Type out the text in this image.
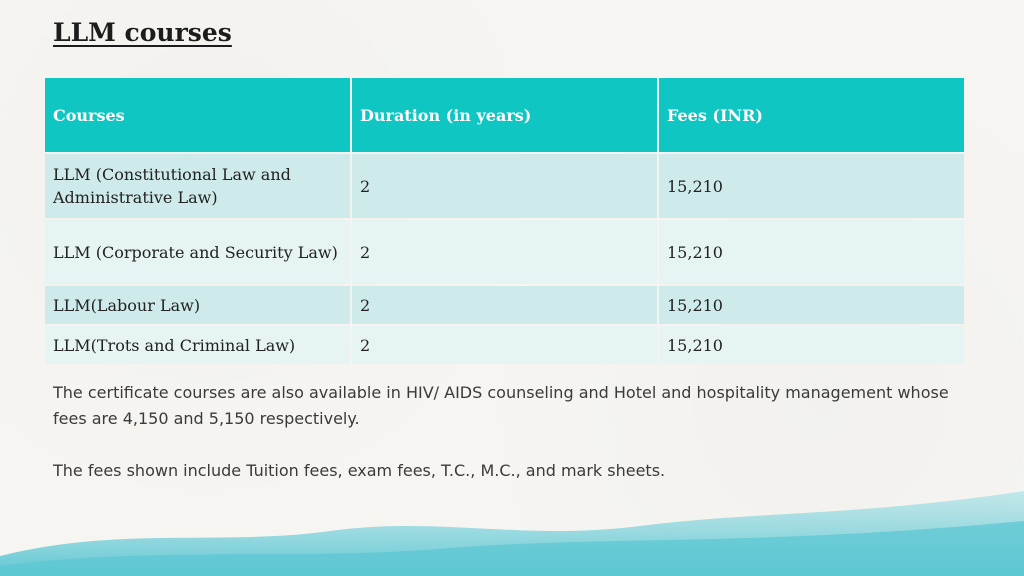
LLM courses
Courses	Duration (in years)	Fees (INR)
LLM (Constitutional Law and Administrative Law)	2	15,210
LLM (Corporate and Security Law)	2	15,210
LLM(Labour Law)	2	15,210
LLM(Trots and Criminal Law)	2	15,210

The certificate courses are also available in HIV/ AIDS counseling and Hotel and hospitality management whose fees are 4,150 and 5,150 respectively.

The fees shown include Tuition fees, exam fees, T.C., M.C., and mark sheets.
